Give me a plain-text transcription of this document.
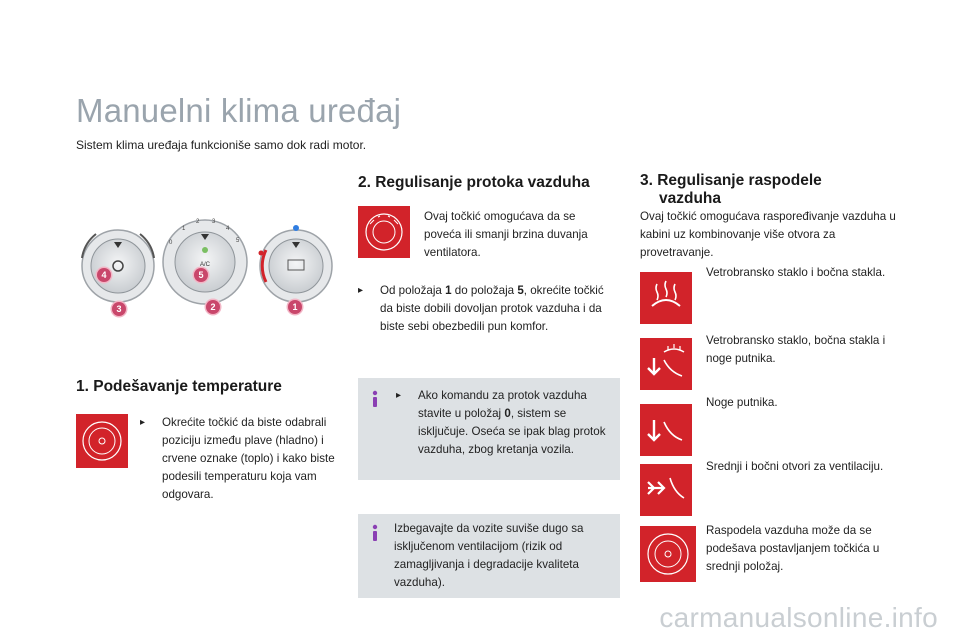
Manuelni klima uređaj
Sistem klima uređaja funkcioniše samo dok radi motor.
A/C
0
1
2 3
4
5
1
2
3
4	5
1. Podešavanje temperature
▸	Okrećite točkić da biste odabrali poziciju između plave (hladno) i crvene oznake (toplo) i kako biste podesili temperaturu koja vam odgovara.
2. Regulisanje protoka vazduha
Ovaj točkić omogućava da se poveća ili smanji brzina duvanja ventilatora.
▸	Od položaja 1 do položaja 5, okrećite točkić da biste dobili dovoljan protok vazduha i da biste sebi obezbedili pun komfor.
▸	Ako komandu za protok vazduha stavite u položaj 0, sistem se isključuje. Oseća se ipak blag protok vazduha, zbog kretanja vozila.
Izbegavajte da vozite suviše dugo sa isključenom ventilacijom (rizik od zamagljivanja i degradacije kvaliteta vazduha).
3. Regulisanje raspodele
vazduha
Ovaj točkić omogućava raspoređivanje vazduha u kabini uz kombinovanje više otvora za provetravanje.
Vetrobransko staklo i bočna stakla.
Vetrobransko staklo, bočna stakla i noge putnika.
Noge putnika.
Srednji i bočni otvori za ventilaciju.
Raspodela vazduha može da se podešava postavljanjem točkića u srednji položaj.
carmanualsonline.info
